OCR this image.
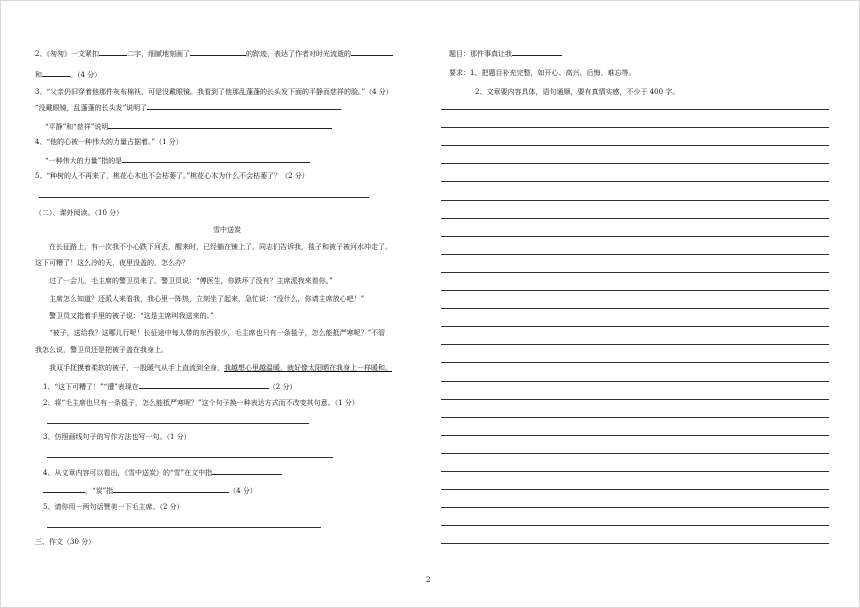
2、《匆匆》一文紧扣	二字，细腻地刻画了	的踪迹，表达了作者对时光流逝的
和	。（4 分）
3、“父亲仍旧穿着他那件灰布棉袄，可是没戴眼镜。我看到了他那乱蓬蓬的长头发下面的平静而慈祥的脸。”（4 分）
“没戴眼镜，乱蓬蓬的长头发”说明了
“平静”和“慈祥”说明
4、“他的心被一种伟大的力量占据着。”（1 分）
“一种伟大的力量”指的是
5、“种树的人不再来了，桃花心木也不会枯萎了。”桃花心木为什么不会枯萎了？（2 分）
（二）、课外阅读。（10 分）
雪中送炭
在长征路上，有一次我不小心跌下河去，醒来时，已经躺在铺上了，同志们告诉我，毯子和被子被河水冲走了。
这下可糟了！这么冷的天，夜里没盖的，怎么办？
过了一会儿，毛主席的警卫员来了。警卫员说：“傅医生，你跌坏了没有？主席派我来看你。”
主席怎么知道？还派人来看我，我心里一阵热，立刻坐了起来，急忙说：“没什么，你请主席放心吧！”
警卫员又指着手里的被子说：“这是主席叫我送来的。”
“被子，送给我？这哪儿行呢！长征途中每人带的东西很少，毛主席也只有一条毯子，怎么能抵严寒呢？”不管
我怎么说，警卫员还是把被子盖在我身上。
我双手抚摸着柔软的被子，一股暖气从手上直流到全身，我越想心里越温暖，就好像太阳晒在我身上一样暖和。
1、“这下可糟了！”“遭”表现在	（2 分）
2、将“毛主席也只有一条毯子，怎么能抵严寒呢？”这个句子换一种表达方式而不改变其句意。（1 分）
3、仿照画线句子的写作方法也写一句。（1 分）
4、从文章内容可以看出，《雪中送炭》的“雪”在文中指
，“炭”指	（4 分）
5、请你用一两句话赞美一下毛主席。（2 分）
三、作文（30 分）
题目：那件事真让我
要求：1、把题目补充完整，如开心、高兴、后悔、难忘等。
2、文章要内容具体，语句通顺，要有真情实感，不少于 400 字。
2
